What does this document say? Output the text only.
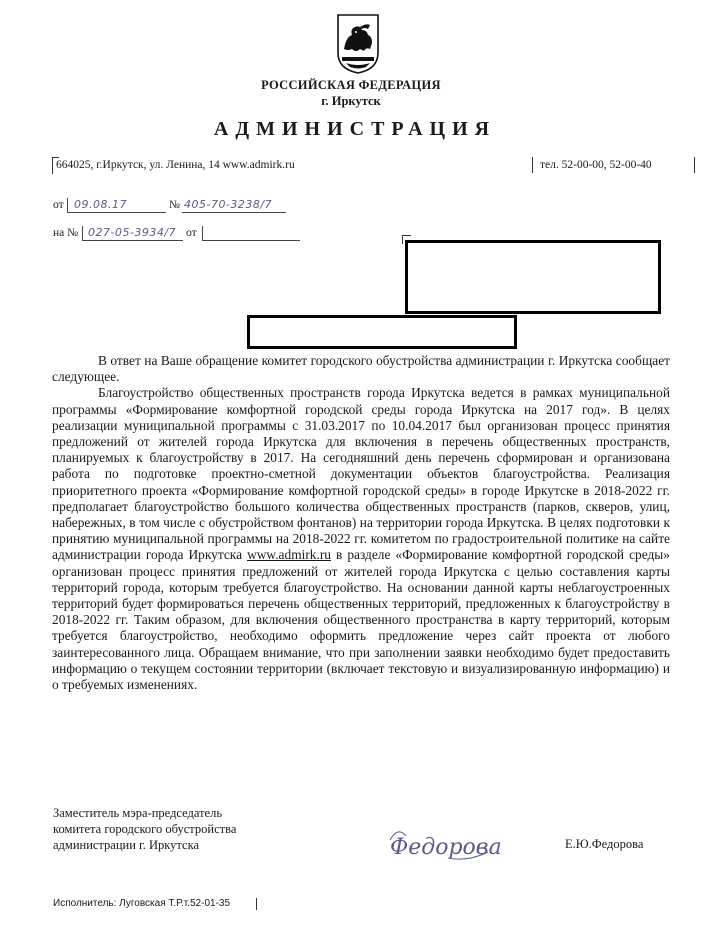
РОССИЙСКАЯ ФЕДЕРАЦИЯ
г. Иркутск
АДМИНИСТРАЦИЯ
664025, г.Иркутск, ул. Ленина, 14 www.admirk.ru	тел. 52-00-00, 52-00-40
от 09.08.17	№ 405-70-3238/7
на № 027-05-3934/7 от

В ответ на Ваше обращение комитет городского обустройства администрации г. Иркутска сообщает следующее.

Благоустройство общественных пространств города Иркутска ведется в рамках муниципальной программы «Формирование комфортной городской среды города Иркутска на 2017 год». В целях реализации муниципальной программы с 31.03.2017 по 10.04.2017 был организован процесс принятия предложений от жителей города Иркутска для включения в перечень общественных пространств, планируемых к благоустройству в 2017. На сегодняшний день перечень сформирован и организована работа по подготовке проектно-сметной документации объектов благоустройства. Реализация приоритетного проекта «Формирование комфортной городской среды» в городе Иркутске в 2018-2022 гг. предполагает благоустройство большого количества общественных пространств (парков, скверов, улиц, набережных, в том числе с обустройством фонтанов) на территории города Иркутска. В целях подготовки к принятию муниципальной программы на 2018-2022 гг. комитетом по градостроительной политике на сайте администрации города Иркутска www.admirk.ru в разделе «Формирование комфортной городской среды» организован процесс принятия предложений от жителей города Иркутска с целью составления карты территорий города, которым требуется благоустройство. На основании данной карты неблагоустроенных территорий будет формироваться перечень общественных территорий, предложенных к благоустройству в 2018-2022 гг. Таким образом, для включения общественного пространства в карту территорий, которым требуется благоустройство, необходимо оформить предложение через сайт проекта от любого заинтересованного лица. Обращаем внимание, что при заполнении заявки необходимо будет предоставить информацию о текущем состоянии территории (включает текстовую и визуализированную информацию) и о требуемых изменениях.

Заместитель мэра-председатель
комитета городского обустройства
администрации г. Иркутска	Федорова	Е.Ю.Федорова
Исполнитель: Луговская Т.Р.т.52-01-35
